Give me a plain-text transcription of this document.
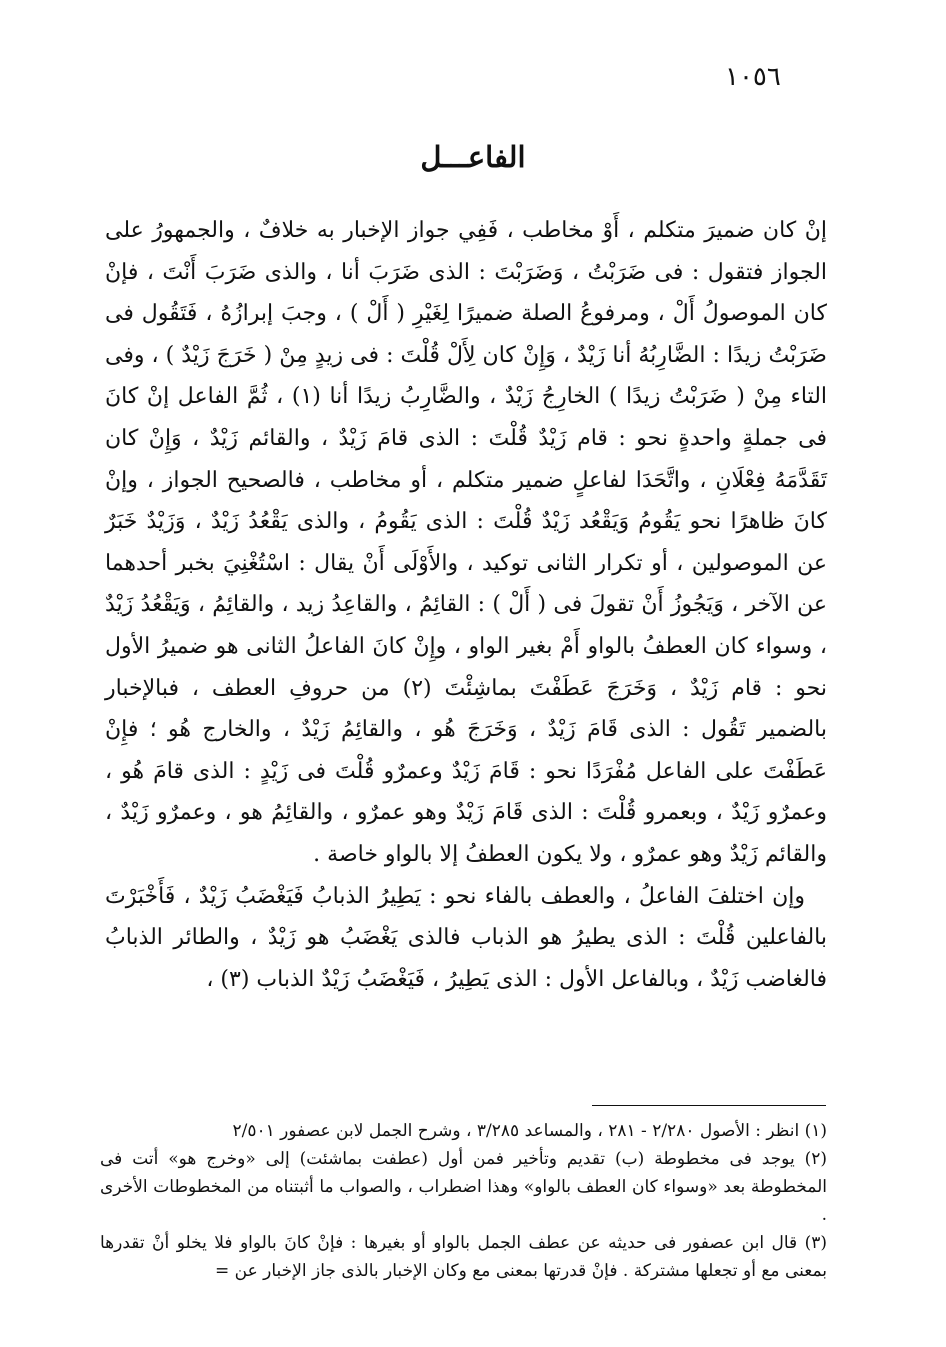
١٠٥٦
الفاعـــل

إنْ كان ضميرَ متكلم ، أَوْ مخاطب ، فَفِي جواز الإخبار به خلافٌ ، والجمهورُ على الجواز فتقول : فى ضَرَبْتُ ، وَضَرَبْتَ : الذى ضَرَبَ أنا ، والذى ضَرَبَ أَنْتَ ، فإنْ كان الموصولُ أَلْ ، ومرفوعُ الصلة ضميرًا لِغَيْرِ ( أَلْ ) ، وجبَ إبرازُهُ ، فَتَقُول فى ضَرَبْتُ زيدًا : الضَّارِبُهُ أنا زَيْدٌ ، وَإِنْ كان لِأَلْ قُلْتَ : فى زيدٍ مِنْ ( خَرَجَ زَيْدٌ ) ، وفى التاء مِنْ ( ضَرَبْتُ زيدًا ) الخارِجُ زَيْدٌ ، والضَّارِبُ زيدًا أنا (١) ، ثُمَّ الفاعل إنْ كانَ فى جملةٍ واحدةٍ نحو : قام زَيْدٌ قُلْتَ : الذى قامَ زَيْدٌ ، والقائم زَيْدٌ ، وَإِنْ كان تَقَدَّمَهُ فِعْلَانِ ، واتَّحَدَا لفاعلٍ ضمير متكلم ، أو مخاطب ، فالصحيح الجواز ، وإنْ كانَ ظاهرًا نحو يَقُومُ وَيَقْعُد زَيْدٌ قُلْتَ : الذى يَقُومُ ، والذى يَقْعُدُ زَيْدٌ ، وَزَيْدٌ خَبَرٌ عن الموصولين ، أو تكرار الثانى توكيد ، والأَوْلَى أَنْ يقال : اسْتُغْنِيَ بخبر أحدهما عن الآخر ، وَيَجُوزُ أَنْ تقولَ فى ( أَلْ ) : القائِمُ ، والقاعِدُ زيد ، والقائِمُ ، وَيَقْعُدُ زَيْدٌ ، وسواء كان العطفُ بالواو أَمْ بغير الواو ، وإِنْ كانَ الفاعلُ الثانى هو ضميرُ الأول نحو : قام زَيْدٌ ، وَخَرَجَ عَطَفْتَ بماشِئْتَ (٢) من حروفِ العطف ، فبالإخبار بالضمير تَقُول : الذى قَامَ زَيْدٌ ، وَخَرَجَ هُو ، والقائِمُ زَيْدٌ ، والخارج هُو ؛ فإِنْ عَطَفْتَ على الفاعل مُفْرَدًا نحو : قَامَ زَيْدٌ وعمرٌو قُلْتَ فى زَيْدٍ : الذى قامَ هُو ، وعمرٌو زَيْدٌ ، وبعمرو قُلْتَ : الذى قَامَ زَيْدٌ وهو عمرٌو ، والقائِمُ هو ، وعمرٌو زَيْدٌ ، والقائم زَيْدٌ وهو عمرٌو ، ولا يكون العطفُ إلا بالواو خاصة .

وإن اختلفَ الفاعلُ ، والعطف بالفاء نحو : يَطِيرُ الذبابُ فَيَغْضَبُ زَيْدٌ ، فَأَخْبَرْتَ بالفاعلين قُلْتَ : الذى يطيرُ هو الذباب فالذى يَغْضَبُ هو زَيْدٌ ، والطائر الذبابُ فالغاضب زَيْدٌ ، وبالفاعل الأول : الذى يَطِيرُ ، فَيَغْضَبُ زَيْدٌ الذباب (٣) ،

(١) انظر : الأصول ٢/٢٨٠ - ٢٨١ ، والمساعد ٣/٢٨٥ ، وشرح الجمل لابن عصفور ٢/٥٠١

(٢) يوجد فى مخطوطة (ب) تقديم وتأخير فمن أول (عطفت بماشئت) إلى «وخرج هو» أتت فى المخطوطة بعد «وسواء كان العطف بالواو» وهذا اضطراب ، والصواب ما أثبتناه من المخطوطات الأخرى .

(٣) قال ابن عصفور فى حديثه عن عطف الجمل بالواو أو بغيرها : فإنْ كانَ بالواو فلا يخلو أنْ تقدرها بمعنى مع أو تجعلها مشتركة . فإنْ قدرتها بمعنى مع وكان الإخبار بالذى جاز الإخبار عن =
